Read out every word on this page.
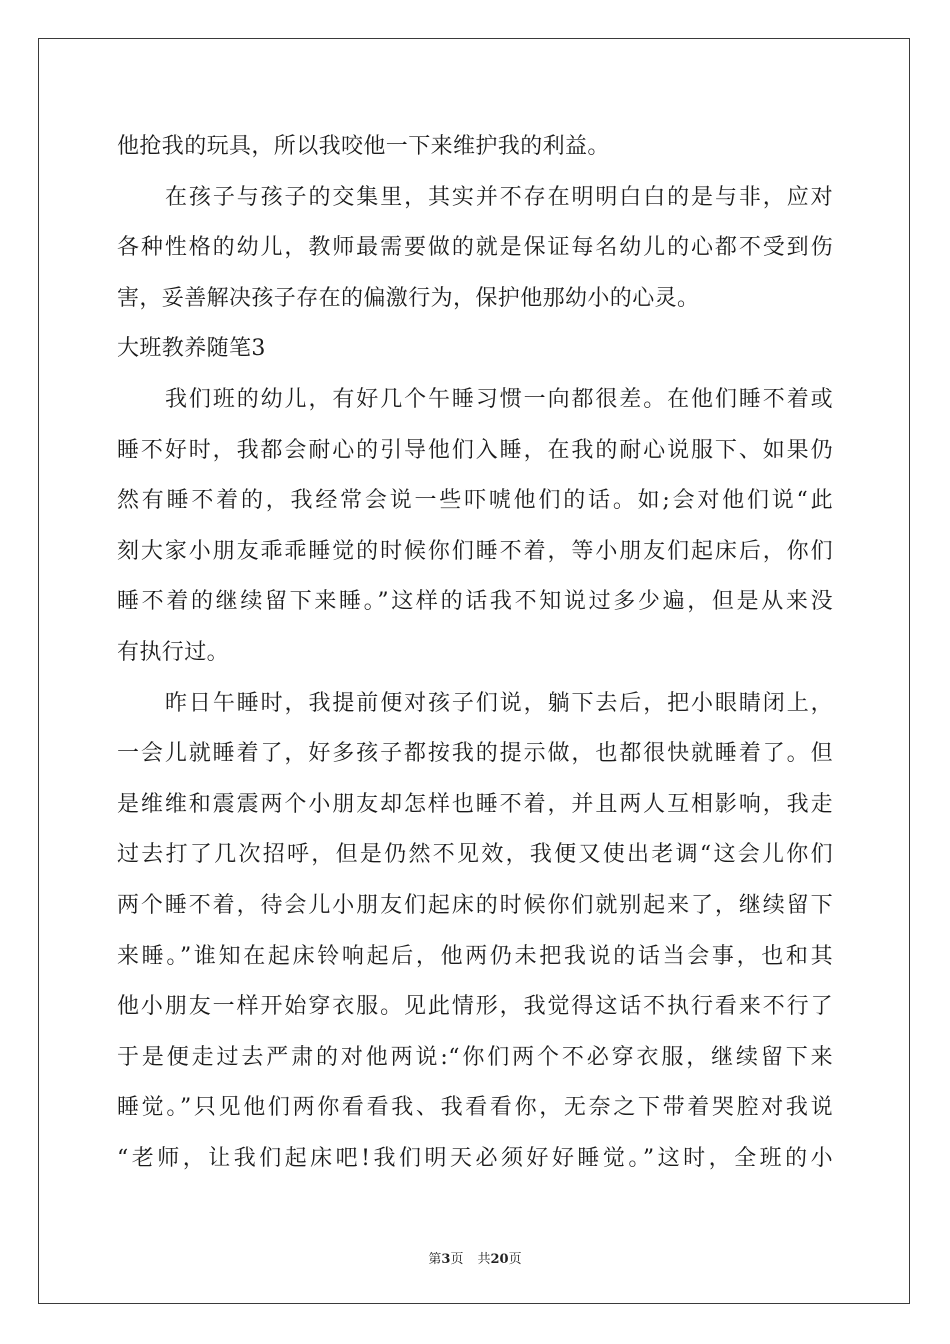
他抢我的玩具，所以我咬他一下来维护我的利益。
在孩子与孩子的交集里，其实并不存在明明白白的是与非，应对
各种性格的幼儿，教师最需要做的就是保证每名幼儿的心都不受到伤
害，妥善解决孩子存在的偏激行为，保护他那幼小的心灵。
大班教养随笔3
我们班的幼儿，有好几个午睡习惯一向都很差。在他们睡不着或
睡不好时，我都会耐心的引导他们入睡，在我的耐心说服下、如果仍
然有睡不着的，我经常会说一些吓唬他们的话。如;会对他们说“此
刻大家小朋友乖乖睡觉的时候你们睡不着，等小朋友们起床后，你们
睡不着的继续留下来睡。”这样的话我不知说过多少遍，但是从来没
有执行过。
昨日午睡时，我提前便对孩子们说，躺下去后，把小眼睛闭上，
一会儿就睡着了，好多孩子都按我的提示做，也都很快就睡着了。但
是维维和震震两个小朋友却怎样也睡不着，并且两人互相影响，我走
过去打了几次招呼，但是仍然不见效，我便又使出老调“这会儿你们
两个睡不着，待会儿小朋友们起床的时候你们就别起来了，继续留下
来睡。”谁知在起床铃响起后，他两仍未把我说的话当会事，也和其
他小朋友一样开始穿衣服。见此情形，我觉得这话不执行看来不行了
于是便走过去严肃的对他两说:“你们两个不必穿衣服，继续留下来
睡觉。”只见他们两你看看我、我看看你，无奈之下带着哭腔对我说
“老师，让我们起床吧!我们明天必须好好睡觉。”这时，全班的小
第3页 共20页
